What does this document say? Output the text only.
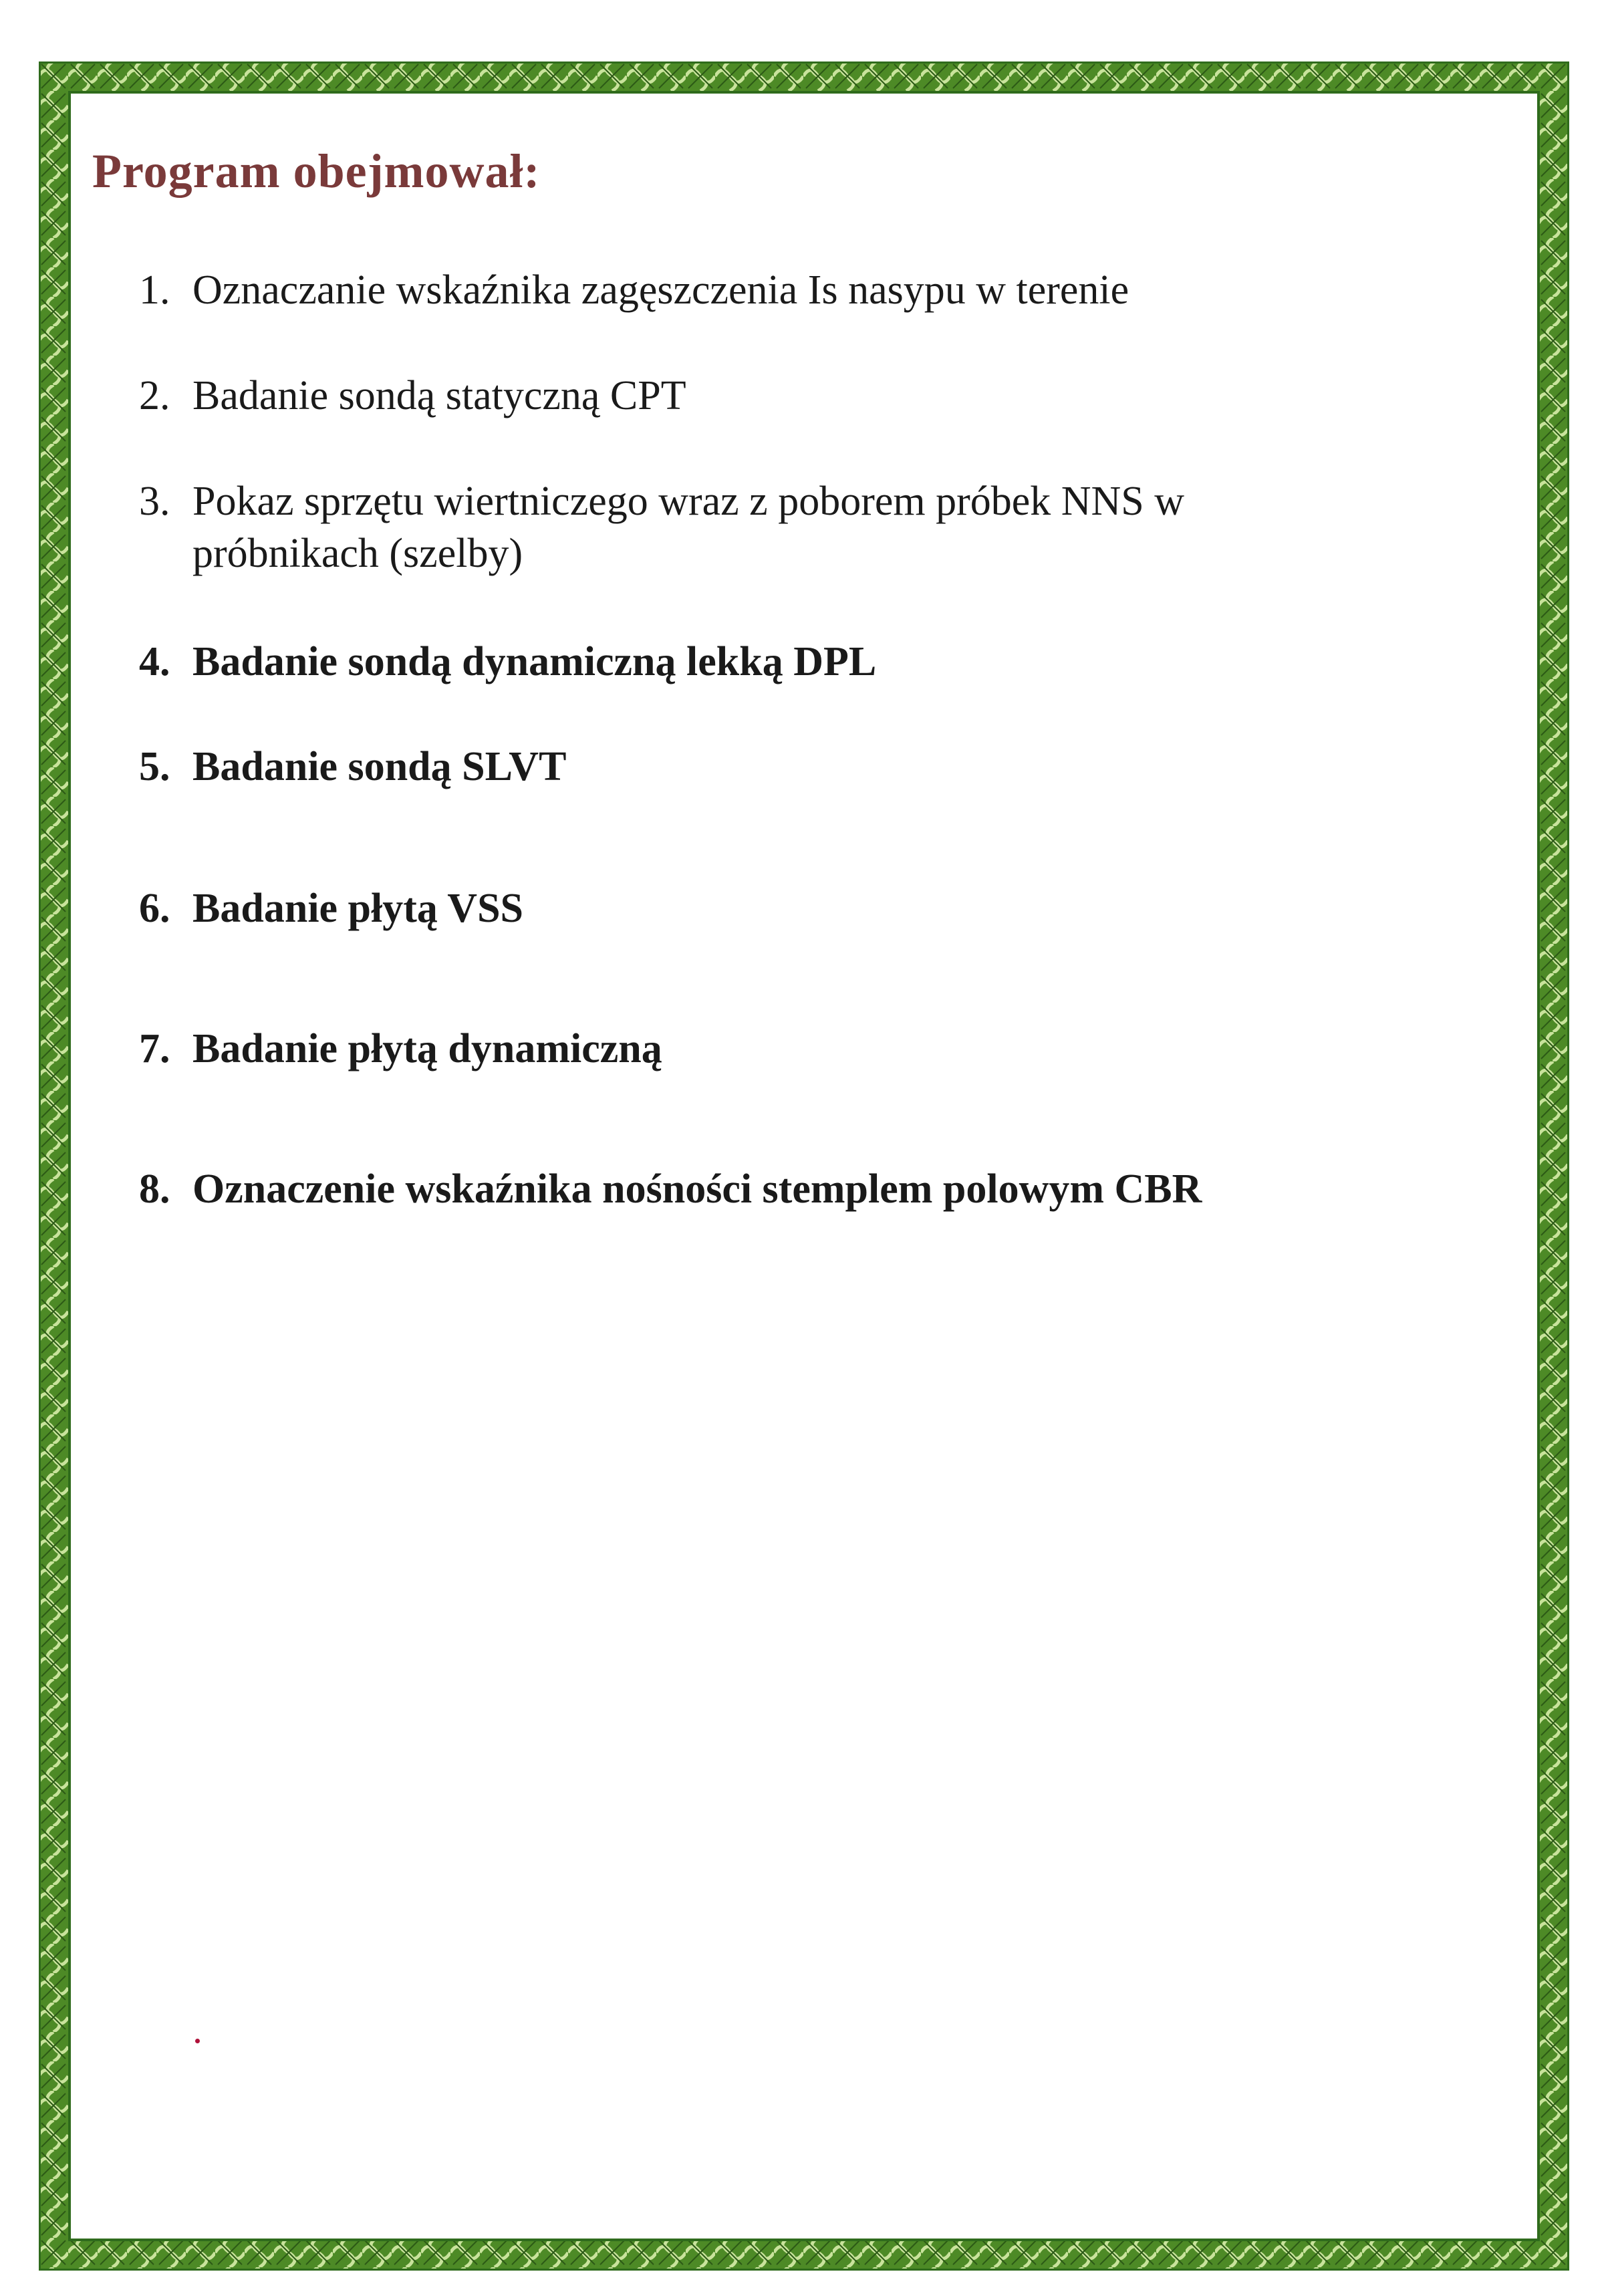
Program obejmował:
1. Oznaczanie wskaźnika zagęszczenia Is nasypu w terenie
2. Badanie sondą statyczną CPT
3. Pokaz sprzętu wiertniczego wraz z poborem próbek NNS w próbnikach (szelby)
4. Badanie sondą dynamiczną lekką DPL
5. Badanie sondą SLVT
6. Badanie płytą VSS
7. Badanie płytą dynamiczną
8. Oznaczenie wskaźnika nośności stemplem polowym CBR
